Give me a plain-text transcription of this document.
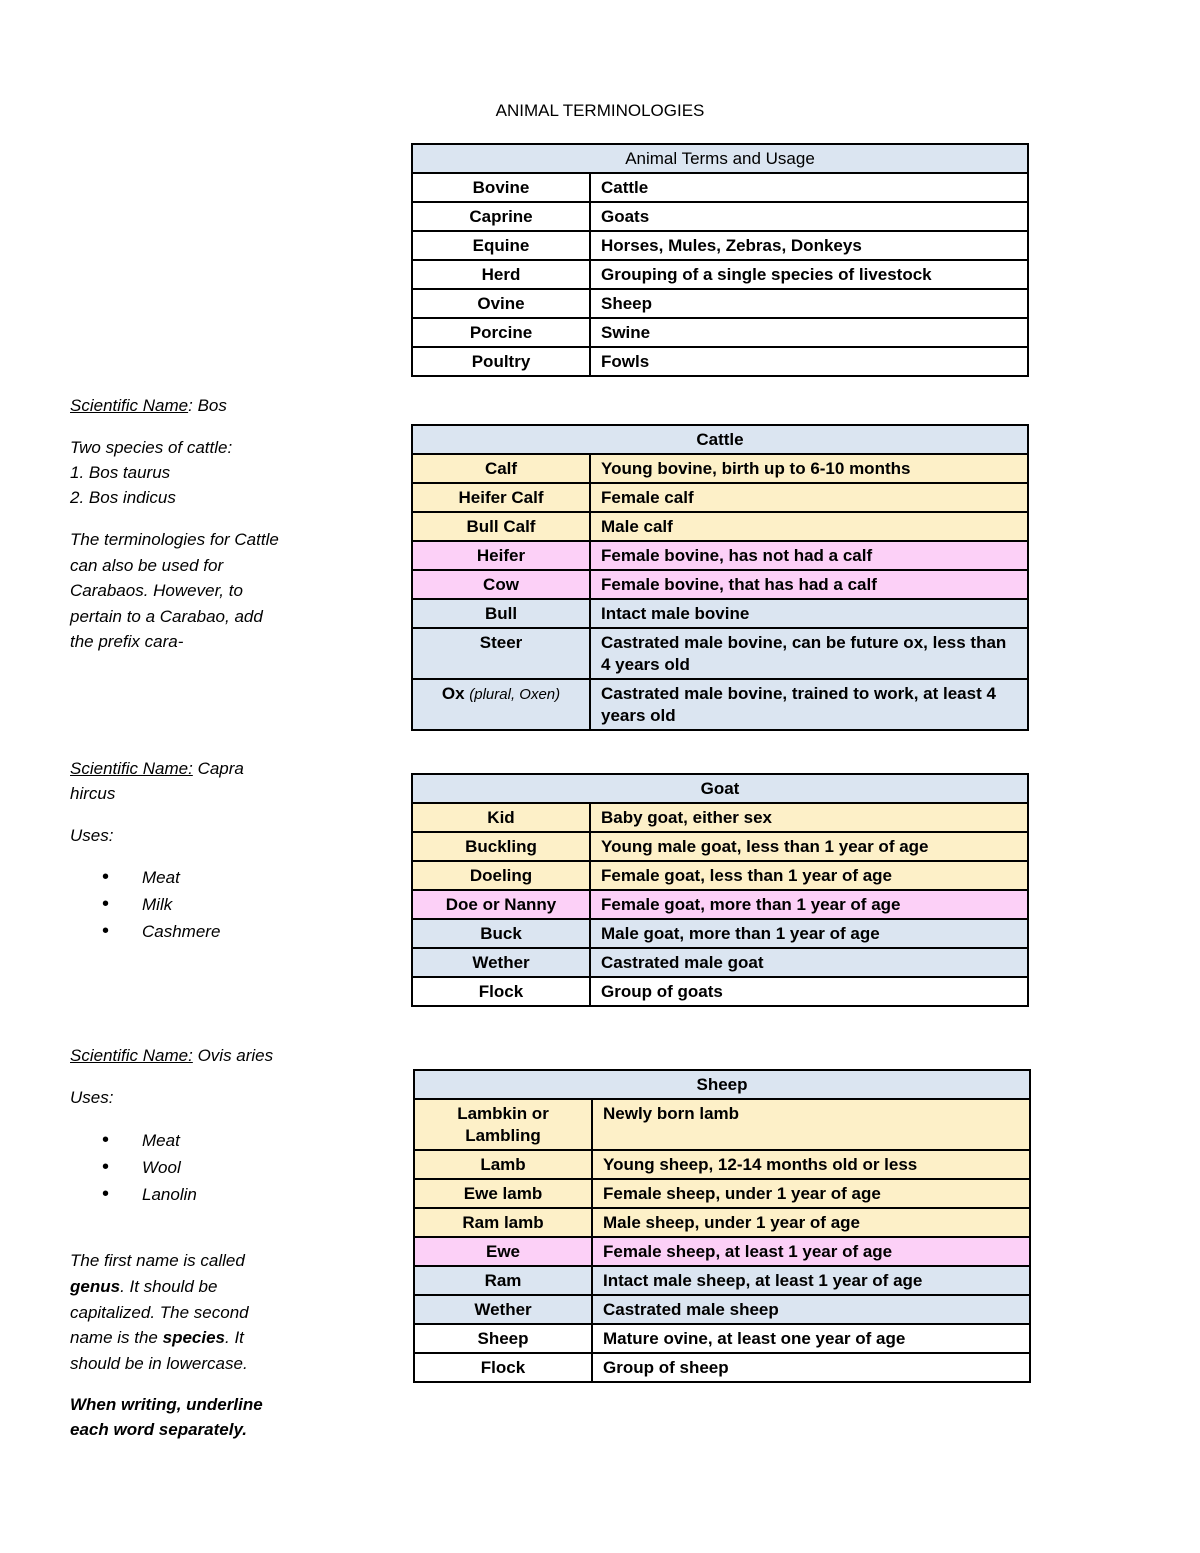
ANIMAL TERMINOLOGIES

Scientific Name: Bos

Two species of cattle:

1. Bos taurus

2. Bos indicus

The terminologies for Cattle can also be used for Carabaos. However, to pertain to a Carabao, add the prefix cara-

Scientific Name: Capra hircus

Uses:

• Meat
• Milk
• Cashmere

Scientific Name: Ovis aries

Uses:

• Meat
• Wool
• Lanolin

The first name is called genus. It should be capitalized. The second name is the species. It should be in lowercase.

When writing, underline each word separately.

Animal Terms and Usage	
Bovine	Cattle
Caprine	Goats
Equine	Horses, Mules, Zebras, Donkeys
Herd	Grouping of a single species of livestock
Ovine	Sheep
Porcine	Swine
Poultry	Fowls
Cattle	
Calf	Young bovine, birth up to 6-10 months
Heifer Calf	Female calf
Bull Calf	Male calf
Heifer	Female bovine, has not had a calf
Cow	Female bovine, that has had a calf
Bull	Intact male bovine
Steer	Castrated male bovine, can be future ox, less than 4 years old
Ox (plural, Oxen)	Castrated male bovine, trained to work, at least 4 years old
Goat	
Kid	Baby goat, either sex
Buckling	Young male goat, less than 1 year of age
Doeling	Female goat, less than 1 year of age
Doe or Nanny	Female goat, more than 1 year of age
Buck	Male goat, more than 1 year of age
Wether	Castrated male goat
Flock	Group of goats
Sheep	
Lambkin or Lambling	Newly born lamb
Lamb	Young sheep, 12-14 months old or less
Ewe lamb	Female sheep, under 1 year of age
Ram lamb	Male sheep, under 1 year of age
Ewe	Female sheep, at least 1 year of age
Ram	Intact male sheep, at least 1 year of age
Wether	Castrated male sheep
Sheep	Mature ovine, at least one year of age
Flock	Group of sheep
